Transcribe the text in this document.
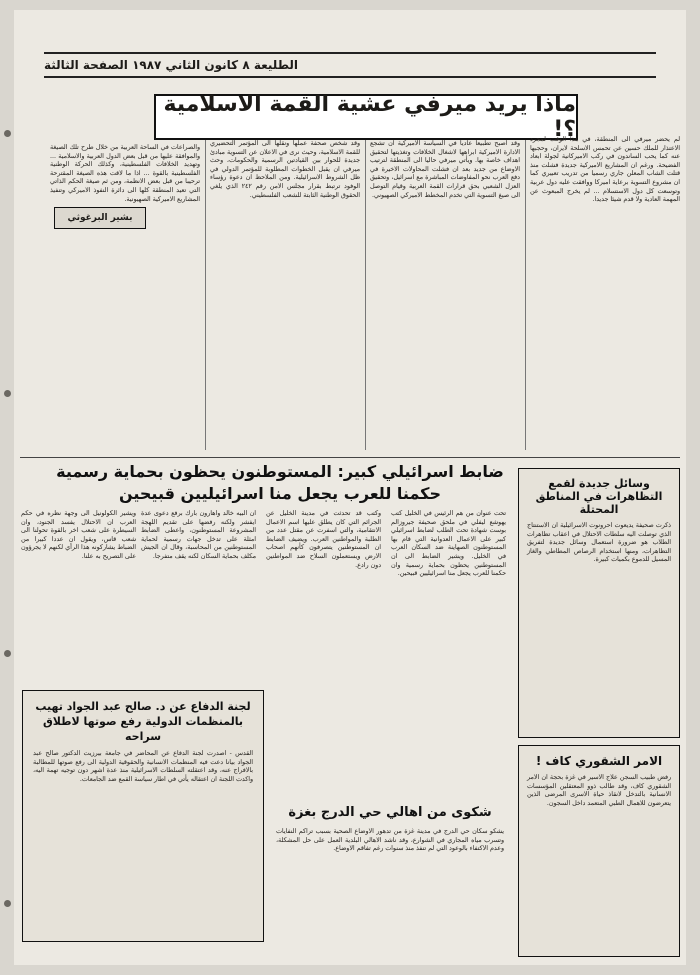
الطليعة ٨ كانون الثاني ١٩٨٧ الصفحة الثالثة
ماذا يريد ميرفي عشية القمة الاسلامية ؟!

لم يحضر ميرفي الى المنطقة، في هذا الوقت لمجرد الاعتذار للملك حسين عن تحمس الاسلحة لايران، وحجبها عنه كما يحب الساندون في ركب الاميركانية لجولة ابعاد الفضيحة. ورغم ان المشاريع الاميركية جديدة فشلت منذ قتلت الشاب المعلن جاري رسميا من تدريب تعبيري كما ان مشروع التسوية برعاية اميركا ووافقت عليه دول عربية وتوسعت كل دول الاستسلام ... لم يخرج المبعوث عن المهمة العادية ولا قدم شيئا جديدا.

وقد اصبح تطبيعا عاديا في السياسة الاميركية ان تشجع الادارة الاميركية ابراهها لاشغال الخلافات وتغذيتها لتحقيق اهداف خاصة بها. ويأتي ميرفي حاليا الى المنطقة لترتيب الاوضاع من جديد بعد ان فشلت المحاولات الاخيرة في دفع العرب نحو المفاوضات المباشرة مع اسرائيل، وتحقيق العزل الشعبي بحق قرارات القمة العربية وقيام التوصل الى صيغ التسوية التي تخدم المخطط الاميركي الصهيوني.

وقد شخص صحفة عملها ونقلها الى المؤتمر التحضيري للقمة الاسلامية، وحيث نرى في الاعلان عن التسوية مبادئ جديدة للحوار بين القيادتين الرسمية والحكومات، وحث ميرفي ان يقبل الخطوات المطلوبة للمؤتمر الدولي في ظل الشروط الاسرائيلية. ومن الملاحظ ان دعوة رؤساء الوفود ترتبط بقرار مجلس الامن رقم ٢٤٢ الذي يلغي الحقوق الوطنية الثابتة للشعب الفلسطيني.

والصراعات في الساحة العربية من خلال طرح تلك الصيغة والموافقة عليها من قبل بعض الدول العربية والاسلامية ... وتهديد الخلافات الفلسطينية، وكذلك الحركة الوطنية الفلسطينية بالقوة ... اذا ما لاقت هذه الصيغة المقترحة ترحيبا من قبل بعض الانظمة، ومن ثم صيغة الحكم الذاتي التي تعيد المنطقة كلها الى دائرة النفوذ الاميركي وتنفيذ المشاريع الاميركية الصهيونية.

بشير البرغوثي
ضابط اسرائيلي كبير: المستوطنون يحظون بحماية رسمية
حكمنا للعرب يجعل منا اسرائيليين قبيحين

تحت عنوان من هم الرئيس في الخليل كتب يهوشع ليفلي في ملحق صحيفة جيروزالم بوست شهادة تحت الطلب لضابط اسرائيلي كبير على الاعمال العدوانية التي قام بها المستوطنون الصهاينة ضد السكان العرب في الخليل. ويشير الضابط الى ان المستوطنين يحظون بحماية رسمية وان حكمنا للعرب يجعل منا اسرائيليين قبيحين.

وكتب قد تحدثت في مدينة الخليل عن الجرائم التي كان يطلق عليها اسم الاعمال الانتقامية، والتي اسفرت عن مقتل عدد من الطلبة والمواطنين العرب. ويضيف الضابط ان المستوطنين يتصرفون كأنهم اصحاب الارض ويستعملون السلاح ضد المواطنين دون رادع.

ان البيه خالد واهارون بارك برفع دعوى عدة ايفشر ولكنه رفضها على تقديم اللهجة المشروعة المستوطنون، واعطى الضابط امثلة على تدخل جهات رسمية لحماية المستوطنين من المحاسبة، وقال ان الجيش مكلف بحماية السكان لكنه يقف متفرجا.

ويشير الكولونيل الى وجهة نظره في حكم العرب ان الاحتلال يفسد الجنود، وان السيطرة على شعب اخر بالقوة تحولنا الى شعب قاس، ويقول ان عددا كبيرا من الضباط يشاركونه هذا الرأي لكنهم لا يجرؤون على التصريح به علنا.

وسائل جديدة لقمع التظاهرات في المناطق المحتلة

ذكرت صحيفة يديعوت احرونوت الاسرائيلية ان الاستنتاج الذي توصلت اليه سلطات الاحتلال في اعقاب تظاهرات الطلاب هو ضرورة استعمال وسائل جديدة لتفريق التظاهرات، ومنها استخدام الرصاص المطاطي والغاز المسيل للدموع بكميات كبيرة.

الامر الشقوري كاف !

رفض طبيب السجن علاج الاسير في غزة بحجة ان الامر الشقوري كاف، وقد طالب ذوو المعتقلين المؤسسات الانسانية بالتدخل لانقاذ حياة الاسرى المرضى الذين يتعرضون للاهمال الطبي المتعمد داخل السجون.

لجنة الدفاع عن د. صالح عبد الجواد تهيب بالمنظمات الدولية رفع صوتها لاطلاق سراحه

القدس - اصدرت لجنة الدفاع عن المحاضر في جامعة بيرزيت الدكتور صالح عبد الجواد بيانا دعت فيه المنظمات الانسانية والحقوقية الدولية الى رفع صوتها للمطالبة بالافراج عنه، وقد اعتقلته السلطات الاسرائيلية منذ عدة اشهر دون توجيه تهمة اليه، واكدت اللجنة ان اعتقاله يأتي في اطار سياسة القمع ضد الجامعات.

شكوى من اهالي حي الدرج بغزة

يشكو سكان حي الدرج في مدينة غزة من تدهور الاوضاع الصحية بسبب تراكم النفايات وتسرب مياه المجاري في الشوارع، وقد ناشد الاهالي البلدية العمل على حل المشكلة، وعدم الاكتفاء بالوعود التي لم تنفذ منذ سنوات رغم تفاقم الاوضاع.
